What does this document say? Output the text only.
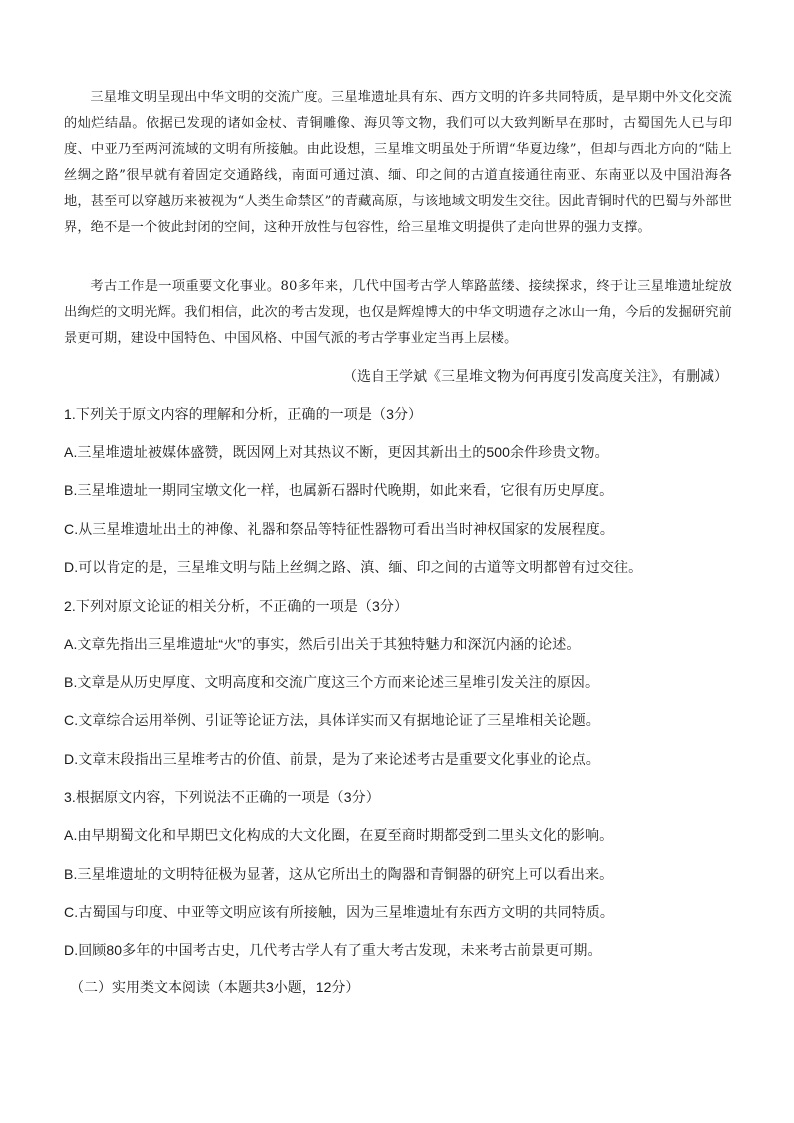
三星堆文明呈现出中华文明的交流广度。三星堆遗址具有东、西方文明的许多共同特质，是早期中外文化交流的灿烂结晶。依据已发现的诸如金杖、青铜雕像、海贝等文物，我们可以大致判断早在那时，古蜀国先人已与印度、中亚乃至两河流域的文明有所接触。由此设想，三星堆文明虽处于所谓“华夏边缘”，但却与西北方向的“陆上丝绸之路”很早就有着固定交通路线，南面可通过滇、缅、印之间的古道直接通往南亚、东南亚以及中国沿海各地，甚至可以穿越历来被视为“人类生命禁区”的青藏高原，与该地域文明发生交往。因此青铜时代的巴蜀与外部世界，绝不是一个彼此封闭的空间，这种开放性与包容性，给三星堆文明提供了走向世界的强力支撑。

考古工作是一项重要文化事业。80多年来，几代中国考古学人筚路蓝缕、接续探求，终于让三星堆遗址绽放出绚烂的文明光辉。我们相信，此次的考古发现，也仅是辉煌博大的中华文明遗存之冰山一角，今后的发掘研究前景更可期，建设中国特色、中国风格、中国气派的考古学事业定当再上层楼。

（选自王学斌《三星堆文物为何再度引发高度关注》，有删减）

1.下列关于原文内容的理解和分析，正确的一项是（3分）

A.三星堆遗址被媒体盛赞，既因网上对其热议不断，更因其新出土的500余件珍贵文物。

B.三星堆遗址一期同宝墩文化一样，也属新石器时代晚期，如此来看，它很有历史厚度。

C.从三星堆遗址出土的神像、礼器和祭品等特征性器物可看出当时神权国家的发展程度。

D.可以肯定的是，三星堆文明与陆上丝绸之路、滇、缅、印之间的古道等文明都曾有过交往。

2.下列对原文论证的相关分析，不正确的一项是（3分）

A.文章先指出三星堆遗址“火”的事实，然后引出关于其独特魅力和深沉内涵的论述。

B.文章是从历史厚度、文明高度和交流广度这三个方而来论述三星堆引发关注的原因。

C.文章综合运用举例、引证等论证方法，具体详实而又有据地论证了三星堆相关论题。

D.文章末段指出三星堆考古的价值、前景，是为了来论述考古是重要文化事业的论点。

3.根据原文内容，下列说法不正确的一项是（3分）

A.由早期蜀文化和早期巴文化构成的大文化圈，在夏至商时期都受到二里头文化的影响。

B.三星堆遗址的文明特征极为显著，这从它所出土的陶器和青铜器的研究上可以看出来。

C.古蜀国与印度、中亚等文明应该有所接触，因为三星堆遗址有东西方文明的共同特质。

D.回顾80多年的中国考古史，几代考古学人有了重大考古发现，未来考古前景更可期。

（二）实用类文本阅读（本题共3小题，12分）
